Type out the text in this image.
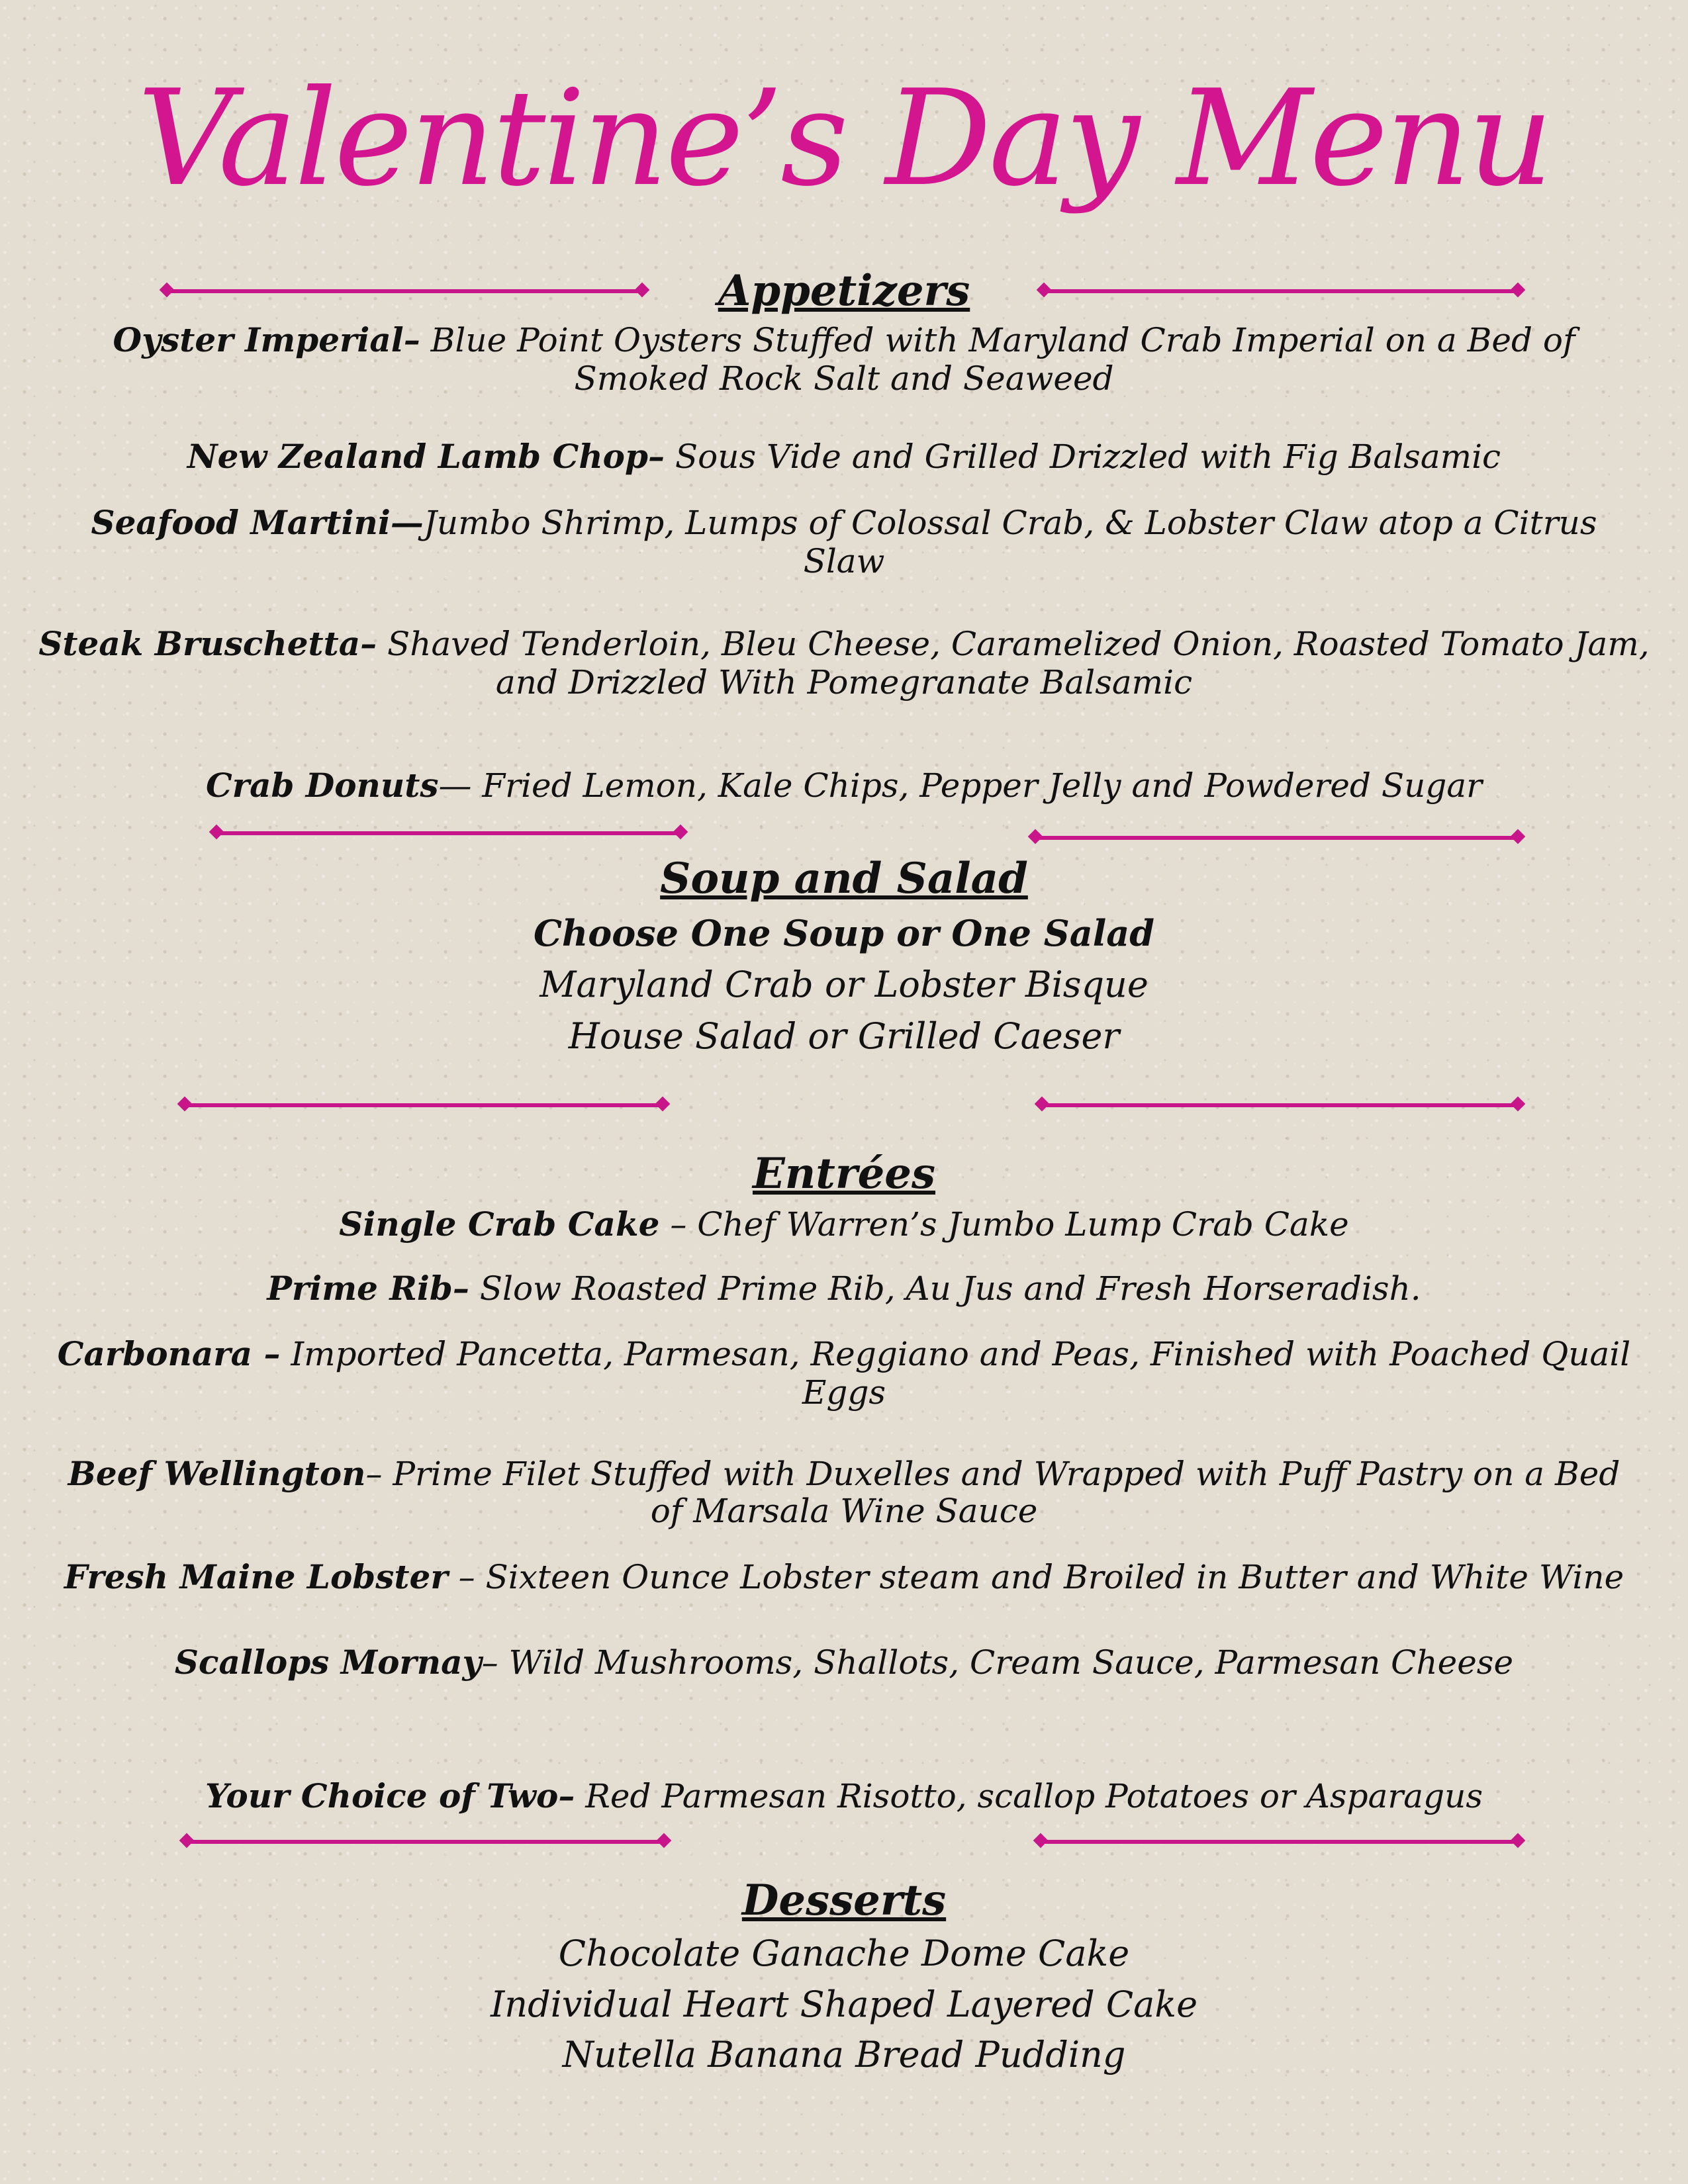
Valentine’s Day Menu
Appetizers
Oyster Imperial– Blue Point Oysters Stuffed with Maryland Crab Imperial on a Bed of
Smoked Rock Salt and Seaweed
New Zealand Lamb Chop– Sous Vide and Grilled Drizzled with Fig Balsamic
Seafood Martini—Jumbo Shrimp, Lumps of Colossal Crab, & Lobster Claw atop a Citrus
Slaw
Steak Bruschetta– Shaved Tenderloin, Bleu Cheese, Caramelized Onion, Roasted Tomato Jam,
and Drizzled With Pomegranate Balsamic
Crab Donuts— Fried Lemon, Kale Chips, Pepper Jelly and Powdered Sugar
Soup and Salad
Choose One Soup or One Salad
Maryland Crab or Lobster Bisque
House Salad or Grilled Caeser
Entrées
Single Crab Cake – Chef Warren’s Jumbo Lump Crab Cake
Prime Rib– Slow Roasted Prime Rib, Au Jus and Fresh Horseradish.
Carbonara – Imported Pancetta, Parmesan, Reggiano and Peas, Finished with Poached Quail
Eggs
Beef Wellington– Prime Filet Stuffed with Duxelles and Wrapped with Puff Pastry on a Bed
of Marsala Wine Sauce
Fresh Maine Lobster – Sixteen Ounce Lobster steam and Broiled in Butter and White Wine
Scallops Mornay– Wild Mushrooms, Shallots, Cream Sauce, Parmesan Cheese
Your Choice of Two– Red Parmesan Risotto, scallop Potatoes or Asparagus
Desserts
Chocolate Ganache Dome Cake
Individual Heart Shaped Layered Cake
Nutella Banana Bread Pudding
